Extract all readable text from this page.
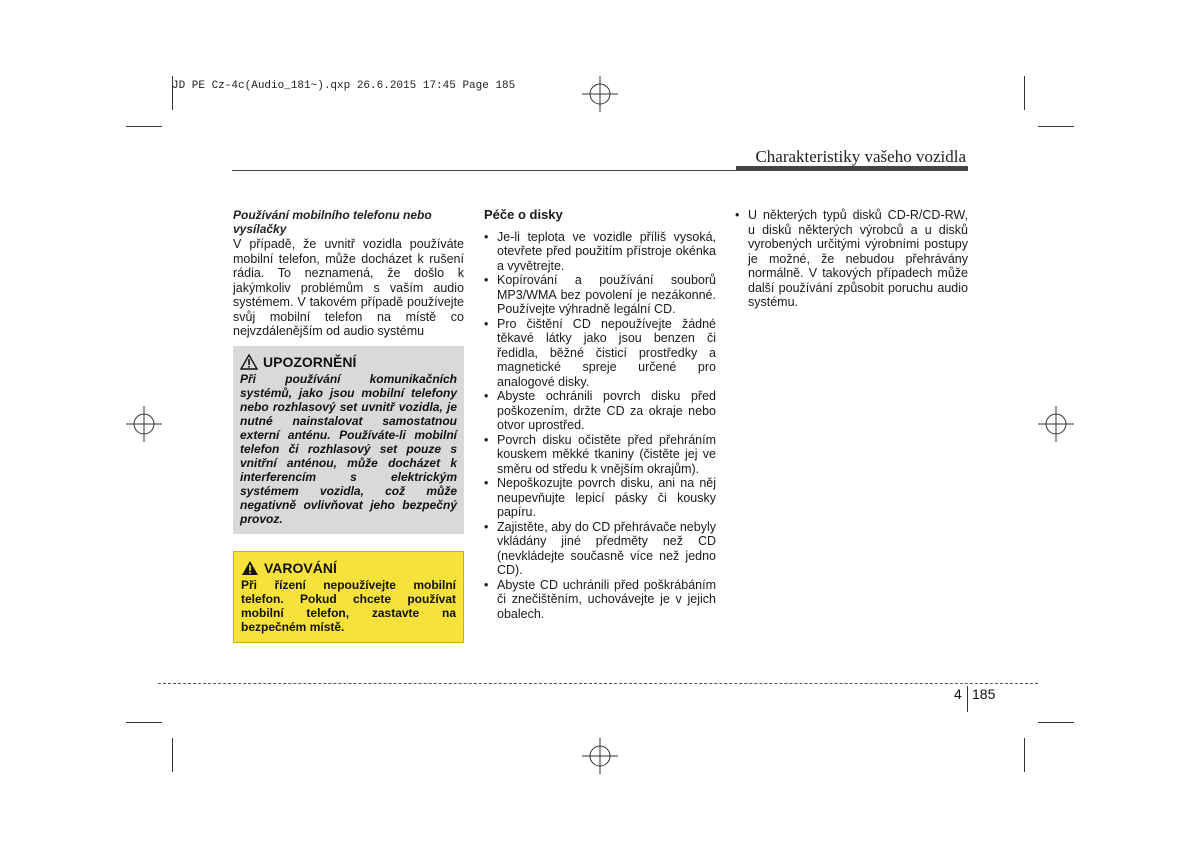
JD PE Cz-4c(Audio_181~).qxp 26.6.2015 17:45 Page 185
Charakteristiky vašeho vozidla
Používání mobilního telefonu nebo vysílačky

V případě, že uvnitř vozidla používáte mobilní telefon, může docházet k rušení rádia. To neznamená, že došlo k jakýmkoliv problémům s vaším audio systémem. V takovém případě používejte svůj mobilní telefon na místě co nejvzdálenějším od audio systému

UPOZORNĚNÍ
Při používání komunikačních systémů, jako jsou mobilní telefony nebo rozhlasový set uvnitř vozidla, je nutné nainstalovat samostatnou externí anténu. Používáte-li mobilní telefon či rozhlasový set pouze s vnitřní anténou, může docházet k interferencím s elektrickým systémem vozidla, což může negativně ovlivňovat jeho bezpečný provoz.
VAROVÁNÍ
Při řízení nepoužívejte mobilní telefon. Pokud chcete používat mobilní telefon, zastavte na bezpečném místě.
Péče o disky
• Je-li teplota ve vozidle příliš vysoká, otevřete před použitím přístroje okénka a vyvětrejte.
• Kopírování a používání souborů MP3/WMA bez povolení je nezákonné. Používejte výhradně legální CD.
• Pro čištění CD nepoužívejte žádné těkavé látky jako jsou benzen či ředidla, běžné čisticí prostředky a magnetické spreje určené pro analogové disky.
• Abyste ochránili povrch disku před poškozením, držte CD za okraje nebo otvor uprostřed.
• Povrch disku očistěte před přehráním kouskem měkké tkaniny (čistěte jej ve směru od středu k vnějším okrajům).
• Nepoškozujte povrch disku, ani na něj neupevňujte lepicí pásky či kousky papíru.
• Zajistěte, aby do CD přehrávače nebyly vkládány jiné předměty než CD (nevkládejte současně více než jedno CD).
• Abyste CD uchránili před poškrábáním či znečištěním, uchovávejte je v jejich obalech.
• U některých typů disků CD-R/CD-RW, u disků některých výrobců a u disků vyrobených určitými výrobními postupy je možné, že nebudou přehrávány normálně. V takových případech může další používání způsobit poruchu audio systému.
4 185
